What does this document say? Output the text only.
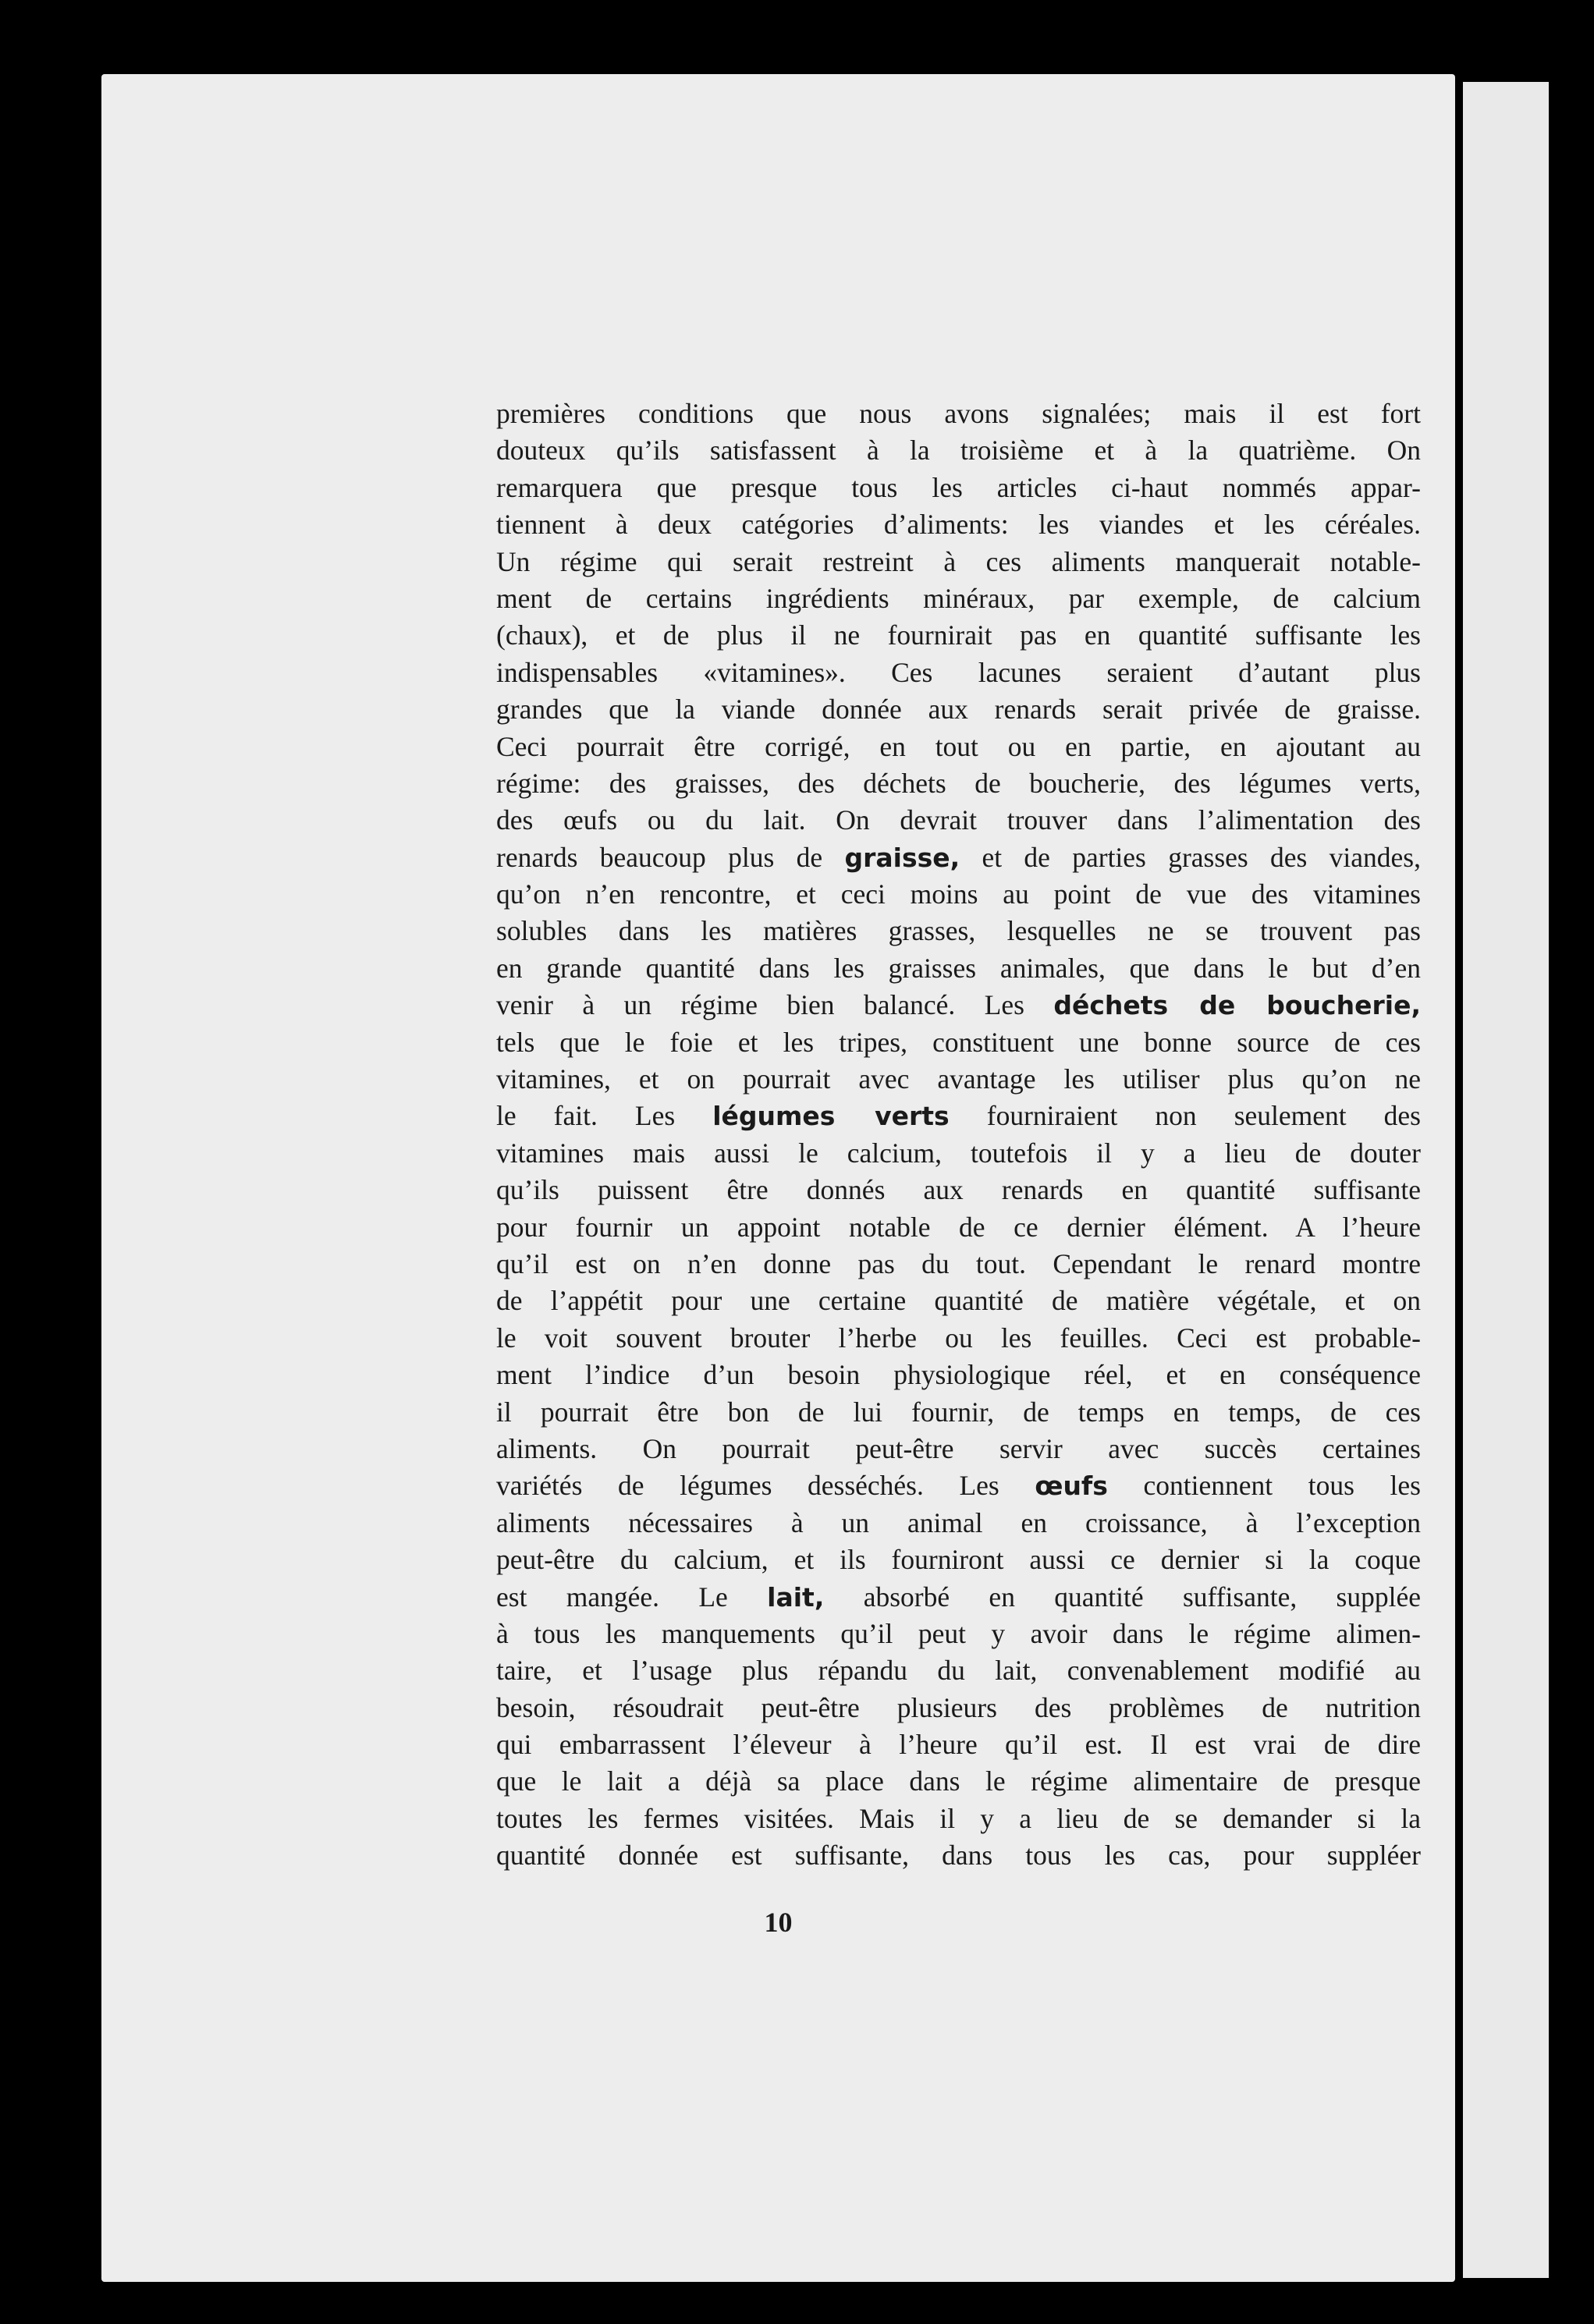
premières conditions que nous avons signalées; mais il est fort
douteux qu’ils satisfassent à la troisième et à la quatrième. On
remarquera que presque tous les articles ci-haut nommés appar-
tiennent à deux catégories d’aliments: les viandes et les céréales.
Un régime qui serait restreint à ces aliments manquerait notable-
ment de certains ingrédients minéraux, par exemple, de calcium
(chaux), et de plus il ne fournirait pas en quantité suffisante les
indispensables «vitamines». Ces lacunes seraient d’autant plus
grandes que la viande donnée aux renards serait privée de graisse.
Ceci pourrait être corrigé, en tout ou en partie, en ajoutant au
régime: des graisses, des déchets de boucherie, des légumes verts,
des œufs ou du lait. On devrait trouver dans l’alimentation des
renards beaucoup plus de graisse, et de parties grasses des viandes,
qu’on n’en rencontre, et ceci moins au point de vue des vitamines
solubles dans les matières grasses, lesquelles ne se trouvent pas
en grande quantité dans les graisses animales, que dans le but d’en
venir à un régime bien balancé. Les déchets de boucherie,
tels que le foie et les tripes, constituent une bonne source de ces
vitamines, et on pourrait avec avantage les utiliser plus qu’on ne
le fait. Les légumes verts fourniraient non seulement des
vitamines mais aussi le calcium, toutefois il y a lieu de douter
qu’ils puissent être donnés aux renards en quantité suffisante
pour fournir un appoint notable de ce dernier élément. A l’heure
qu’il est on n’en donne pas du tout. Cependant le renard montre
de l’appétit pour une certaine quantité de matière végétale, et on
le voit souvent brouter l’herbe ou les feuilles. Ceci est probable-
ment l’indice d’un besoin physiologique réel, et en conséquence
il pourrait être bon de lui fournir, de temps en temps, de ces
aliments. On pourrait peut-être servir avec succès certaines
variétés de légumes desséchés. Les œufs contiennent tous les
aliments nécessaires à un animal en croissance, à l’exception
peut-être du calcium, et ils fourniront aussi ce dernier si la coque
est mangée. Le lait, absorbé en quantité suffisante, supplée
à tous les manquements qu’il peut y avoir dans le régime alimen-
taire, et l’usage plus répandu du lait, convenablement modifié au
besoin, résoudrait peut-être plusieurs des problèmes de nutrition
qui embarrassent l’éleveur à l’heure qu’il est. Il est vrai de dire
que le lait a déjà sa place dans le régime alimentaire de presque
toutes les fermes visitées. Mais il y a lieu de se demander si la
quantité donnée est suffisante, dans tous les cas, pour suppléer
10
